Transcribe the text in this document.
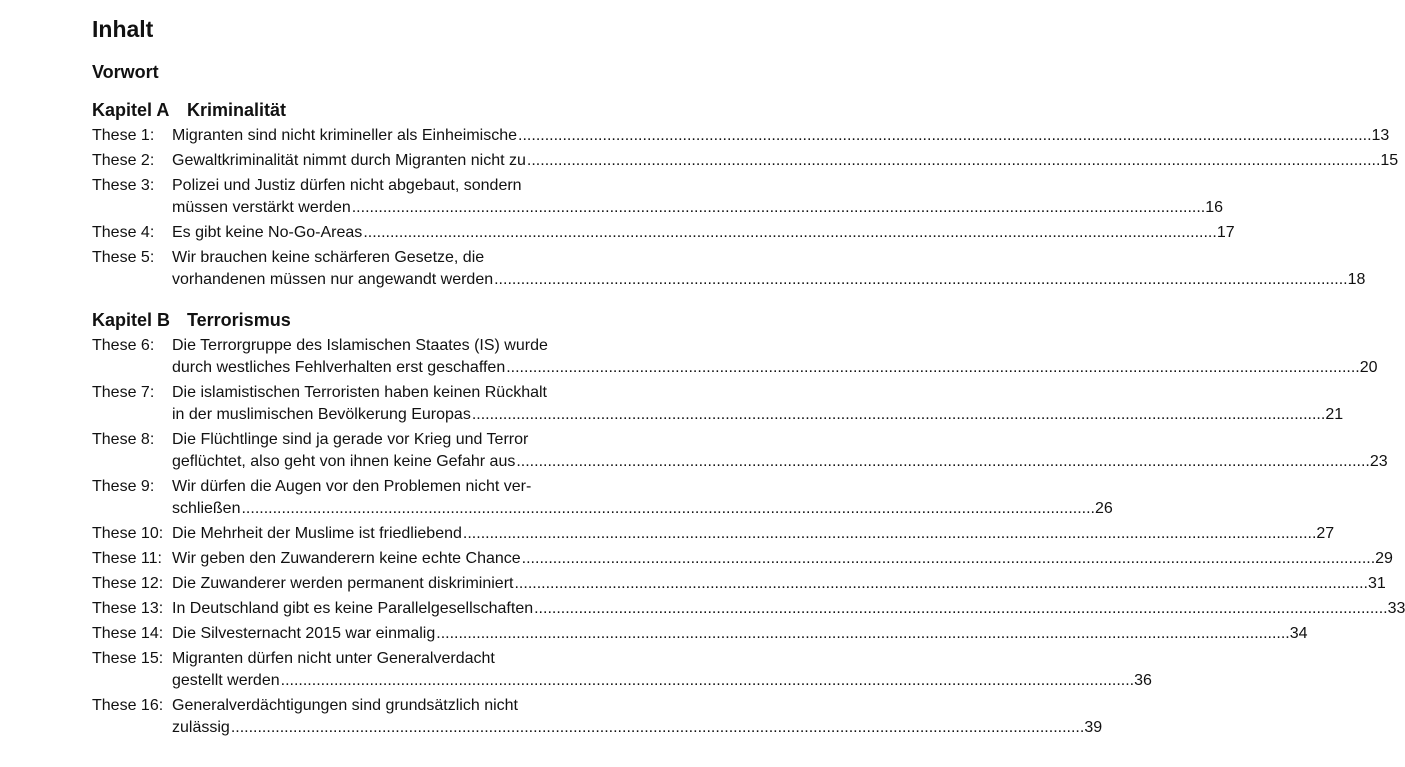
Inhalt
Vorwort
Kapitel A Kriminalität
These 1:	Migranten sind nicht krimineller als Einheimische .....	13
These 2:	Gewaltkriminalität nimmt durch Migranten nicht zu .....	15
These 3:	Polizei und Justiz dürfen nicht abgebaut, sondern
müssen verstärkt werden .....	16
These 4:	Es gibt keine No-Go-Areas .....	17
These 5:	Wir brauchen keine schärferen Gesetze, die
vorhandenen müssen nur angewandt werden .....	18
Kapitel B Terrorismus
These 6:	Die Terrorgruppe des Islamischen Staates (IS) wurde
durch westliches Fehlverhalten erst geschaffen .....	20
These 7:	Die islamistischen Terroristen haben keinen Rückhalt
in der muslimischen Bevölkerung Europas .....	21
These 8:	Die Flüchtlinge sind ja gerade vor Krieg und Terror
geflüchtet, also geht von ihnen keine Gefahr aus .....	23
These 9:	Wir dürfen die Augen vor den Problemen nicht ver-
schließen .....	26
These 10: Die Mehrheit der Muslime ist friedliebend .....	27
These 11: Wir geben den Zuwanderern keine echte Chance .....	29
These 12: Die Zuwanderer werden permanent diskriminiert .....	31
These 13: In Deutschland gibt es keine Parallelgesellschaften .....	33
These 14: Die Silvesternacht 2015 war einmalig .....	34
These 15: Migranten dürfen nicht unter Generalverdacht
gestellt werden .....	36
These 16: Generalverdächtigungen sind grundsätzlich nicht
zulässig .....	39
